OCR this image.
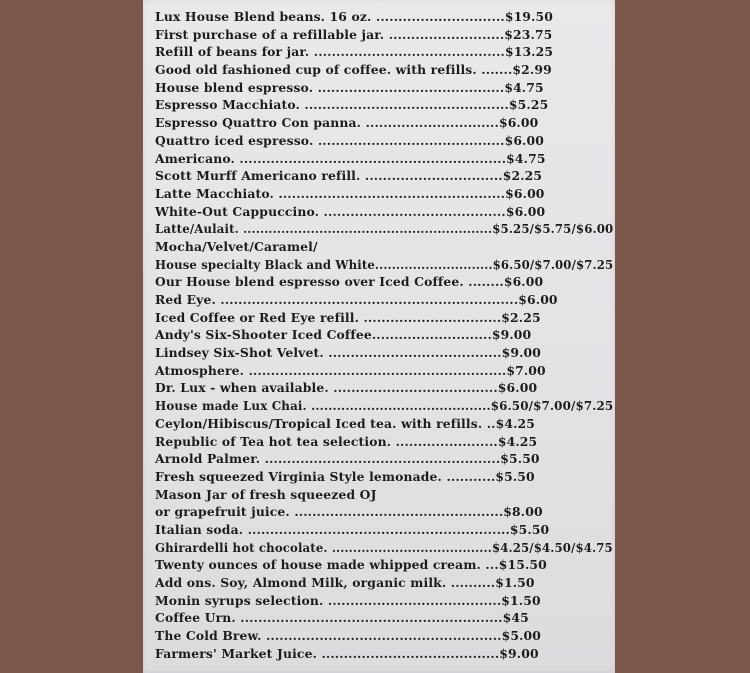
Lux House Blend beans. 16 oz. .............................$19.50
First purchase of a refillable jar. ..........................$23.75
Refill of beans for jar. ...........................................$13.25
Good old fashioned cup of coffee. with refills. .......$2.99
House blend espresso. ..........................................$4.75
Espresso Macchiato. ..............................................$5.25
Espresso Quattro Con panna. ..............................$6.00
Quattro iced espresso. ..........................................$6.00
Americano. ............................................................$4.75
Scott Murff Americano refill. ...............................$2.25
Latte Macchiato. ...................................................$6.00
White-Out Cappuccino. .........................................$6.00
Latte/Aulait. ...........................................................$5.25/$5.75/$6.00
Mocha/Velvet/Caramel/
House specialty Black and White............................$6.50/$7.00/$7.25
Our House blend espresso over Iced Coffee. ........$6.00
Red Eye. ...................................................................$6.00
Iced Coffee or Red Eye refill. ...............................$2.25
Andy's Six-Shooter Iced Coffee...........................$9.00
Lindsey Six-Shot Velvet. .......................................$9.00
Atmosphere. ..........................................................$7.00
Dr. Lux - when available. .....................................$6.00
House made Lux Chai. ..........................................$6.50/$7.00/$7.25
Ceylon/Hibiscus/Tropical Iced tea. with refills. ..$4.25
Republic of Tea hot tea selection. .......................$4.25
Arnold Palmer. .....................................................$5.50
Fresh squeezed Virginia Style lemonade. ...........$5.50
Mason Jar of fresh squeezed OJ
or grapefruit juice. ...............................................$8.00
Italian soda. ...........................................................$5.50
Ghirardelli hot chocolate. ......................................$4.25/$4.50/$4.75
Twenty ounces of house made whipped cream. ...$15.50
Add ons. Soy, Almond Milk, organic milk. ..........$1.50
Monin syrups selection. .......................................$1.50
Coffee Urn. ...........................................................$45
The Cold Brew. .....................................................$5.00
Farmers' Market Juice. ........................................$9.00
